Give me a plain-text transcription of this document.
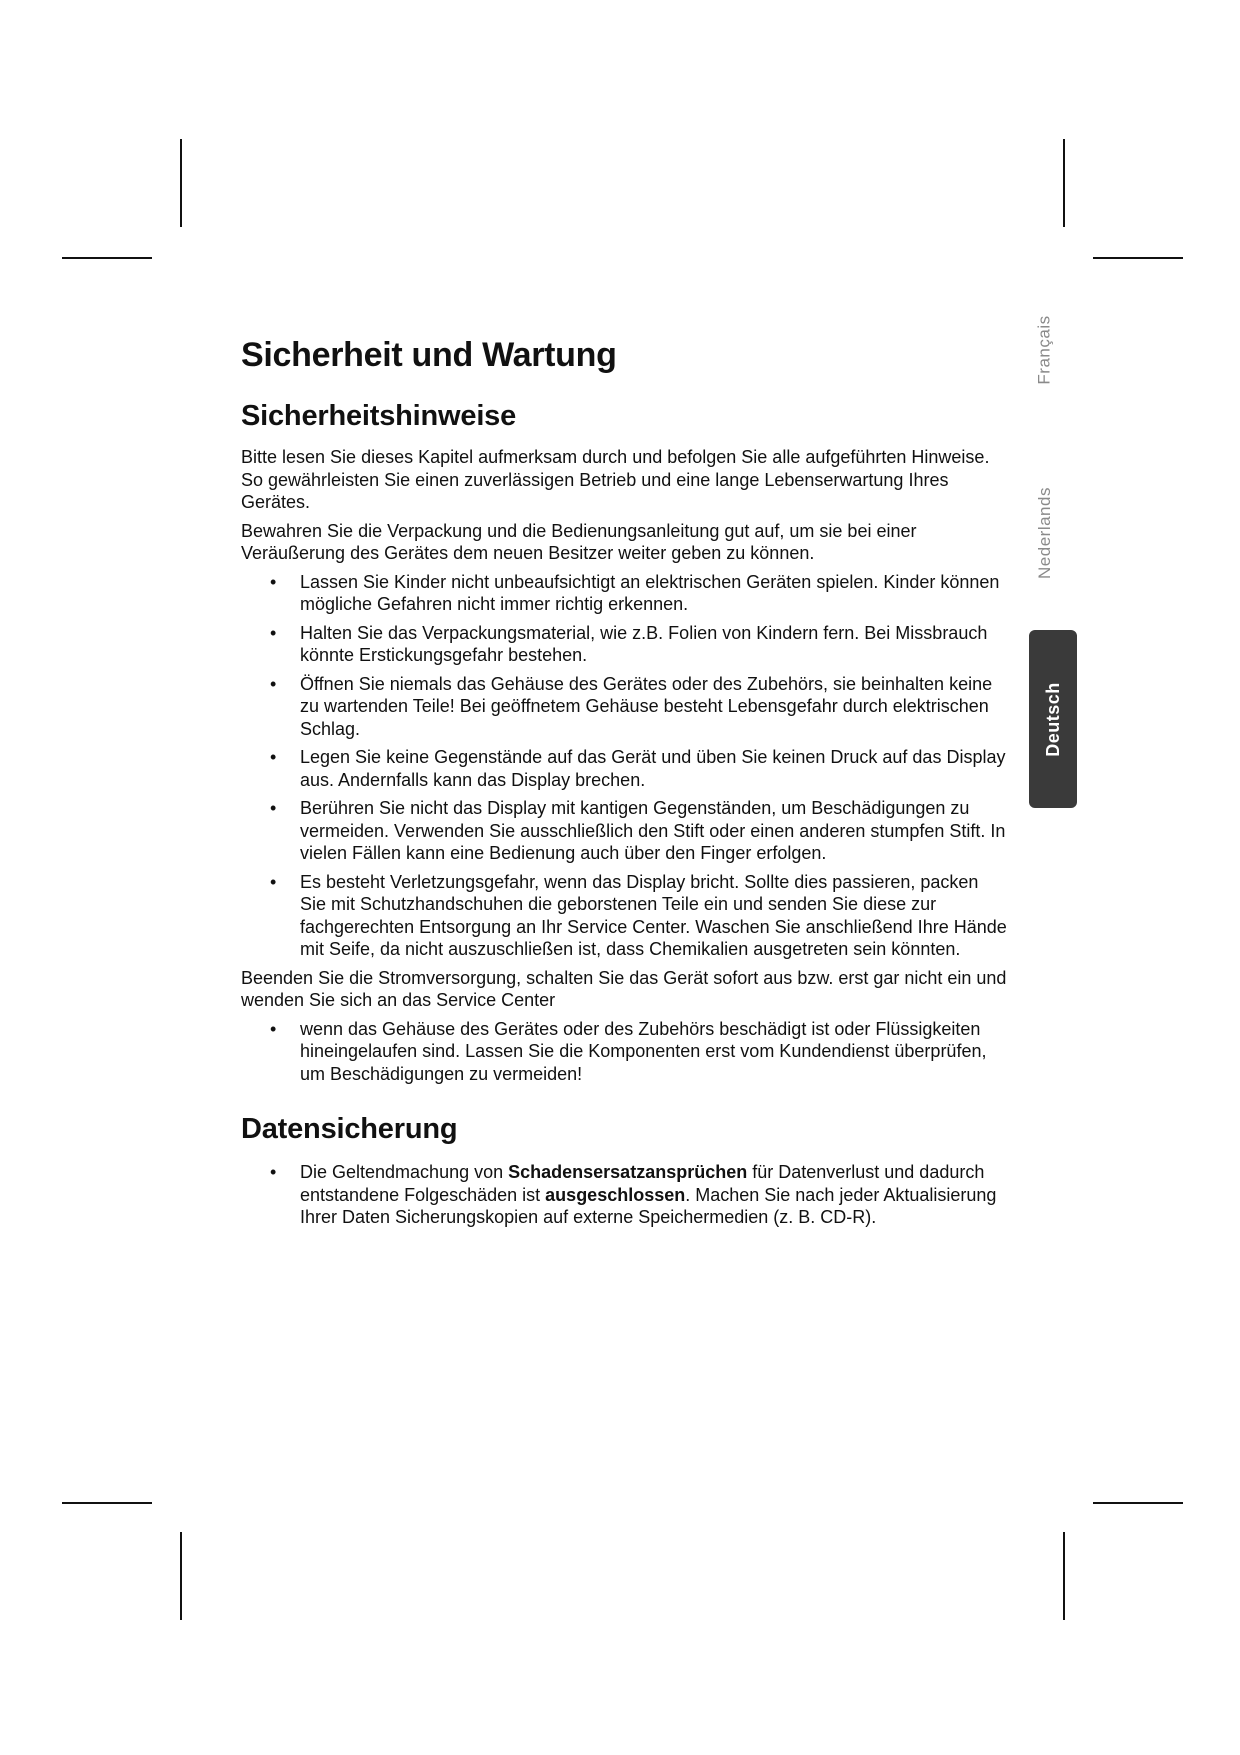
Français
Nederlands
Deutsch
Sicherheit und Wartung
Sicherheitshinweise

Bitte lesen Sie dieses Kapitel aufmerksam durch und befolgen Sie alle aufgeführten Hinweise. So gewährleisten Sie einen zuverlässigen Betrieb und eine lange Lebenserwartung Ihres Gerätes.

Bewahren Sie die Verpackung und die Bedienungsanleitung gut auf, um sie bei einer Veräußerung des Gerätes dem neuen Besitzer weiter geben zu können.

• Lassen Sie Kinder nicht unbeaufsichtigt an elektrischen Geräten spielen. Kinder können mögliche Gefahren nicht immer richtig erkennen.
• Halten Sie das Verpackungsmaterial, wie z.B. Folien von Kindern fern. Bei Missbrauch könnte Erstickungsgefahr bestehen.
• Öffnen Sie niemals das Gehäuse des Gerätes oder des Zubehörs, sie beinhalten keine zu wartenden Teile! Bei geöffnetem Gehäuse besteht Lebensgefahr durch elektrischen Schlag.
• Legen Sie keine Gegenstände auf das Gerät und üben Sie keinen Druck auf das Display aus. Andernfalls kann das Display brechen.
• Berühren Sie nicht das Display mit kantigen Gegenständen, um Beschädigungen zu vermeiden. Verwenden Sie ausschließlich den Stift oder einen anderen stumpfen Stift. In vielen Fällen kann eine Bedienung auch über den Finger erfolgen.
• Es besteht Verletzungsgefahr, wenn das Display bricht. Sollte dies passieren, packen Sie mit Schutzhandschuhen die geborstenen Teile ein und senden Sie diese zur fachgerechten Entsorgung an Ihr Service Center. Waschen Sie anschließend Ihre Hände mit Seife, da nicht auszuschließen ist, dass Chemikalien ausgetreten sein könnten.

Beenden Sie die Stromversorgung, schalten Sie das Gerät sofort aus bzw. erst gar nicht ein und wenden Sie sich an das Service Center

• wenn das Gehäuse des Gerätes oder des Zubehörs beschädigt ist oder Flüssigkeiten hineingelaufen sind. Lassen Sie die Komponenten erst vom Kundendienst überprüfen, um Beschädigungen zu vermeiden!
Datensicherung
• Die Geltendmachung von Schadensersatzansprüchen für Datenverlust und dadurch entstandene Folgeschäden ist ausgeschlossen. Machen Sie nach jeder Aktualisierung Ihrer Daten Sicherungskopien auf externe Speichermedien (z. B. CD-R).
